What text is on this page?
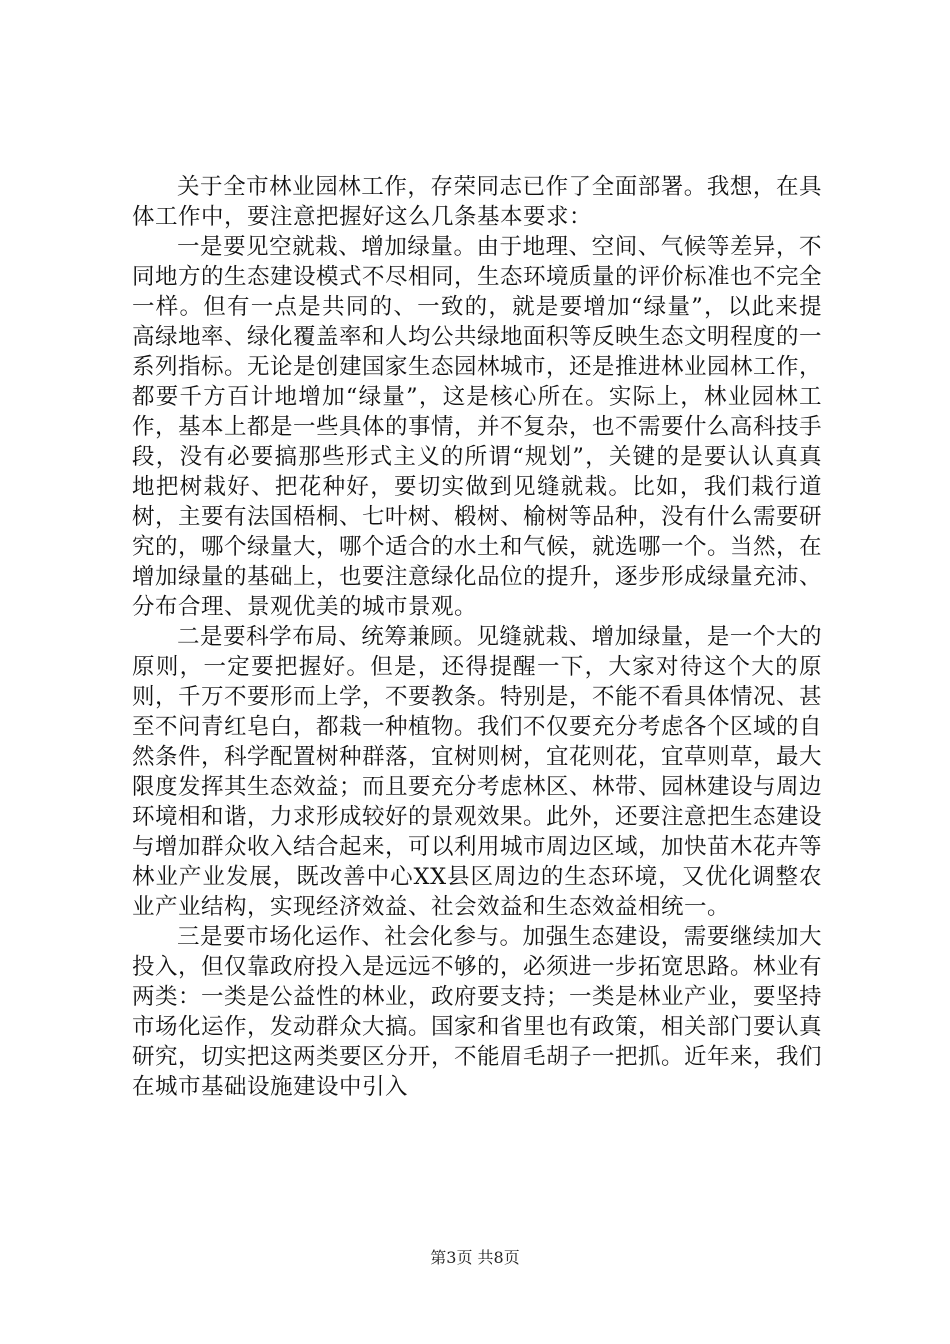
关于全市林业园林工作，存荣同志已作了全面部署。我想，在具体工作中，要注意把握好这么几条基本要求：

一是要见空就栽、增加绿量。由于地理、空间、气候等差异，不同地方的生态建设模式不尽相同，生态环境质量的评价标准也不完全一样。但有一点是共同的、一致的，就是要增加“绿量”，以此来提高绿地率、绿化覆盖率和人均公共绿地面积等反映生态文明程度的一系列指标。无论是创建国家生态园林城市，还是推进林业园林工作，都要千方百计地增加“绿量”，这是核心所在。实际上，林业园林工作，基本上都是一些具体的事情，并不复杂，也不需要什么高科技手段，没有必要搞那些形式主义的所谓“规划”，关键的是要认认真真地把树栽好、把花种好，要切实做到见缝就栽。比如，我们栽行道树，主要有法国梧桐、七叶树、椴树、榆树等品种，没有什么需要研究的，哪个绿量大，哪个适合的水土和气候，就选哪一个。当然，在增加绿量的基础上，也要注意绿化品位的提升，逐步形成绿量充沛、分布合理、景观优美的城市景观。

二是要科学布局、统筹兼顾。见缝就栽、增加绿量，是一个大的原则，一定要把握好。但是，还得提醒一下，大家对待这个大的原则，千万不要形而上学，不要教条。特别是，不能不看具体情况、甚至不问青红皂白，都栽一种植物。我们不仅要充分考虑各个区域的自然条件，科学配置树种群落，宜树则树，宜花则花，宜草则草，最大限度发挥其生态效益；而且要充分考虑林区、林带、园林建设与周边环境相和谐，力求形成较好的景观效果。此外，还要注意把生态建设与增加群众收入结合起来，可以利用城市周边区域，加快苗木花卉等林业产业发展，既改善中心XX县区周边的生态环境，又优化调整农业产业结构，实现经济效益、社会效益和生态效益相统一。

三是要市场化运作、社会化参与。加强生态建设，需要继续加大投入，但仅靠政府投入是远远不够的，必须进一步拓宽思路。林业有两类：一类是公益性的林业，政府要支持；一类是林业产业，要坚持市场化运作，发动群众大搞。国家和省里也有政策，相关部门要认真研究，切实把这两类要区分开，不能眉毛胡子一把抓。近年来，我们在城市基础设施建设中引入

第3页 共8页
